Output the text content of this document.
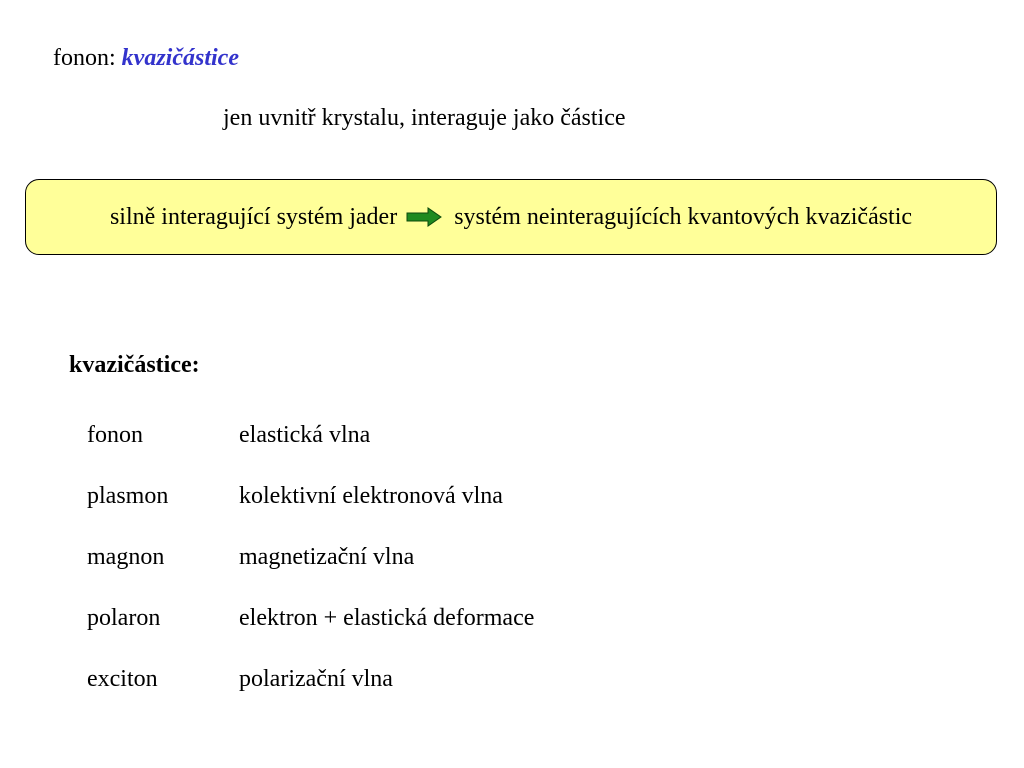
fonon: kvazičástice
jen uvnitř krystalu, interaguje jako částice
silně interagující systém jader systém neinteragujících kvantových kvazičástic
kvazičástice:
fonon	elastická vlna
plasmon	kolektivní elektronová vlna
magnon	magnetizační vlna
polaron	elektron + elastická deformace
exciton	polarizační vlna
